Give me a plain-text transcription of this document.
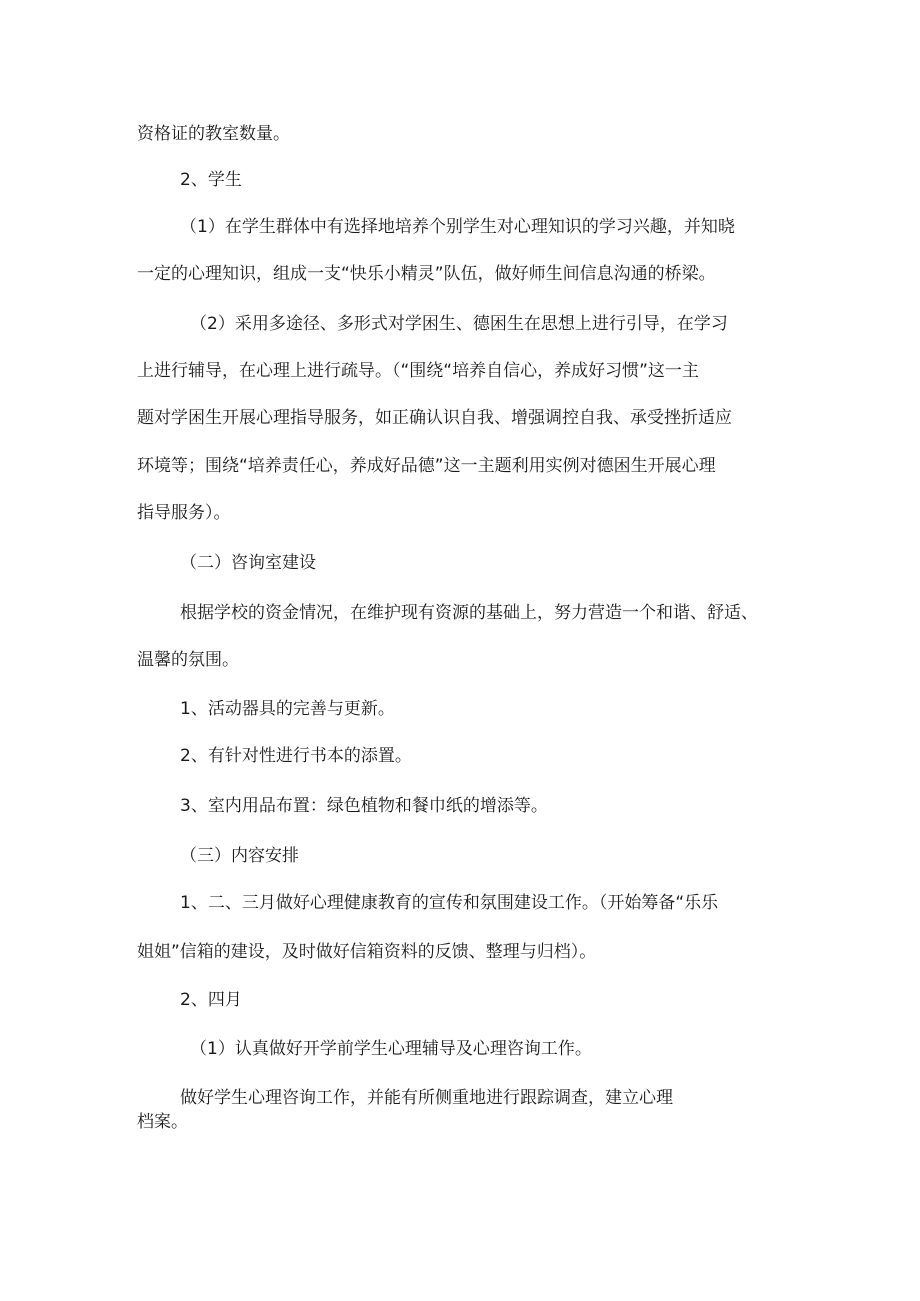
资格证的教室数量。
2、学生
（1）在学生群体中有选择地培养个别学生对心理知识的学习兴趣，并知晓
一定的心理知识，组成一支“快乐小精灵”队伍，做好师生间信息沟通的桥梁。
（2）采用多途径、多形式对学困生、德困生在思想上进行引导，在学习
上进行辅导，在心理上进行疏导。（“围绕“培养自信心，养成好习惯”这一主
题对学困生开展心理指导服务，如正确认识自我、增强调控自我、承受挫折适应
环境等；围绕“培养责任心，养成好品德”这一主题利用实例对德困生开展心理
指导服务）。
（二）咨询室建设
根据学校的资金情况，在维护现有资源的基础上，努力营造一个和谐、舒适、
温馨的氛围。
1、活动器具的完善与更新。
2、有针对性进行书本的添置。
3、室内用品布置：绿色植物和餐巾纸的增添等。
（三）内容安排
1、二、三月做好心理健康教育的宣传和氛围建设工作。（开始筹备“乐乐
姐姐”信箱的建设，及时做好信箱资料的反馈、整理与归档）。
2、四月
（1）认真做好开学前学生心理辅导及心理咨询工作。
做好学生心理咨询工作，并能有所侧重地进行跟踪调查，建立心理
档案。
